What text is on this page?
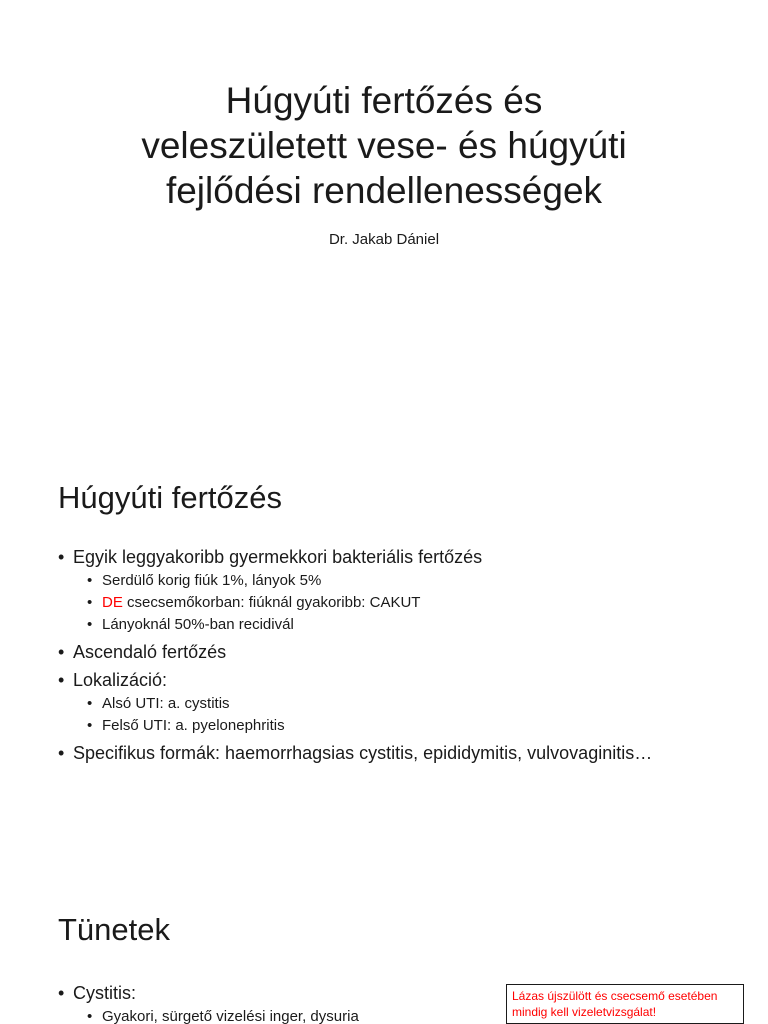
Húgyúti fertőzés és
veleszületett vese- és húgyúti
fejlődési rendellenességek
Dr. Jakab Dániel
Húgyúti fertőzés
• Egyik leggyakoribb gyermekkori bakteriális fertőzés
• Serdülő korig fiúk 1%, lányok 5%
• DE csecsemőkorban: fiúknál gyakoribb: CAKUT
• Lányoknál 50%-ban recidivál
• Ascendaló fertőzés
• Lokalizáció:
• Alsó UTI: a. cystitis
• Felső UTI: a. pyelonephritis
• Specifikus formák: haemorrhagsias cystitis, epididymitis, vulvovaginitis…
Tünetek
• Cystitis:
• Gyakori, sürgető vizelési inger, dysuria
Lázas újszülött és csecsemő esetében mindig kell vizeletvizsgálat!
